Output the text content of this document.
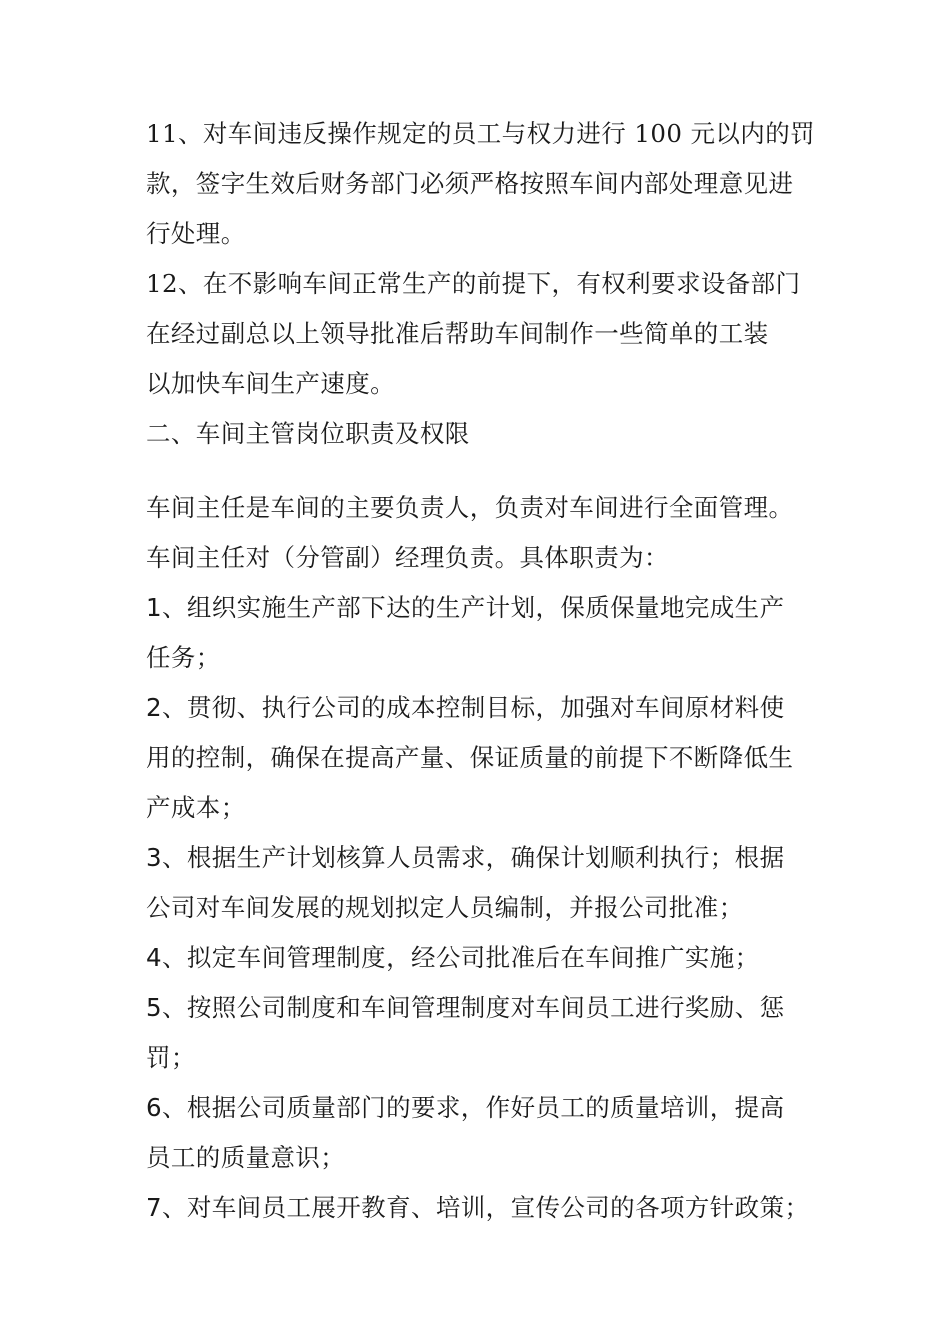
11、对车间违反操作规定的员工与权力进行 100 元以内的罚

款，签字生效后财务部门必须严格按照车间内部处理意见进

行处理。

12、在不影响车间正常生产的前提下，有权利要求设备部门

在经过副总以上领导批准后帮助车间制作一些简单的工装

以加快车间生产速度。

二、车间主管岗位职责及权限

车间主任是车间的主要负责人，负责对车间进行全面管理。

车间主任对（分管副）经理负责。具体职责为：

1、组织实施生产部下达的生产计划，保质保量地完成生产

任务；

2、贯彻、执行公司的成本控制目标，加强对车间原材料使

用的控制，确保在提高产量、保证质量的前提下不断降低生

产成本；

3、根据生产计划核算人员需求，确保计划顺利执行；根据

公司对车间发展的规划拟定人员编制，并报公司批准；

4、拟定车间管理制度，经公司批准后在车间推广实施；

5、按照公司制度和车间管理制度对车间员工进行奖励、惩

罚；

6、根据公司质量部门的要求，作好员工的质量培训，提高

员工的质量意识；

7、对车间员工展开教育、培训，宣传公司的各项方针政策；
